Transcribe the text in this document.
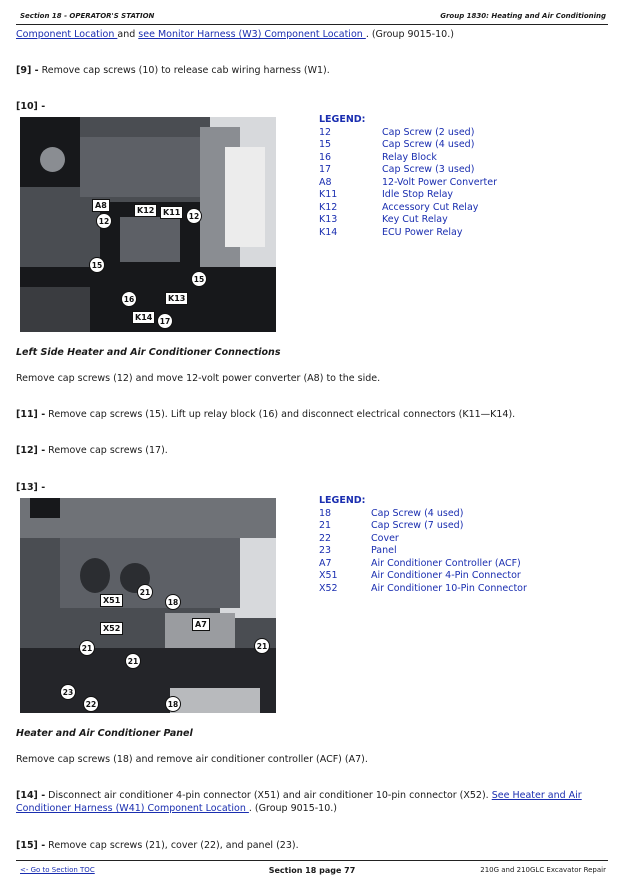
Section 18 - OPERATOR'S STATION	Group 1830: Heating and Air Conditioning
Component Location and see Monitor Harness (W3) Component Location . (Group 9015-10.)
[9] - Remove cap screws (10) to release cab wiring harness (W1).
[10] -
A8
12
K12	K11	12
15
15
16	K13
K14 17
LEGEND:
12	Cap Screw (2 used)
15	Cap Screw (4 used)
16	Relay Block
17	Cap Screw (3 used)
A8	12-Volt Power Converter
K11	Idle Stop Relay
K12	Accessory Cut Relay
K13	Key Cut Relay
K14	ECU Power Relay
Left Side Heater and Air Conditioner Connections
Remove cap screws (12) and move 12-volt power converter (A8) to the side.
[11] - Remove cap screws (15). Lift up relay block (16) and disconnect electrical connectors (K11—K14).
[12] - Remove cap screws (17).
[13] -
X51
21
18
X52	A7
21	21
21
23
22	18
LEGEND:
18	Cap Screw (4 used)
21	Cap Screw (7 used)
22	Cover
23	Panel
A7	Air Conditioner Controller (ACF)
X51	Air Conditioner 4-Pin Connector
X52	Air Conditioner 10-Pin Connector
Heater and Air Conditioner Panel
Remove cap screws (18) and remove air conditioner controller (ACF) (A7).
[14] - Disconnect air conditioner 4-pin connector (X51) and air conditioner 10-pin connector (X52). See Heater and Air
Conditioner Harness (W41) Component Location . (Group 9015-10.)
[15] - Remove cap screws (21), cover (22), and panel (23).
Section 18 page 77
<- Go to Section TOC	210G and 210GLC Excavator Repair
